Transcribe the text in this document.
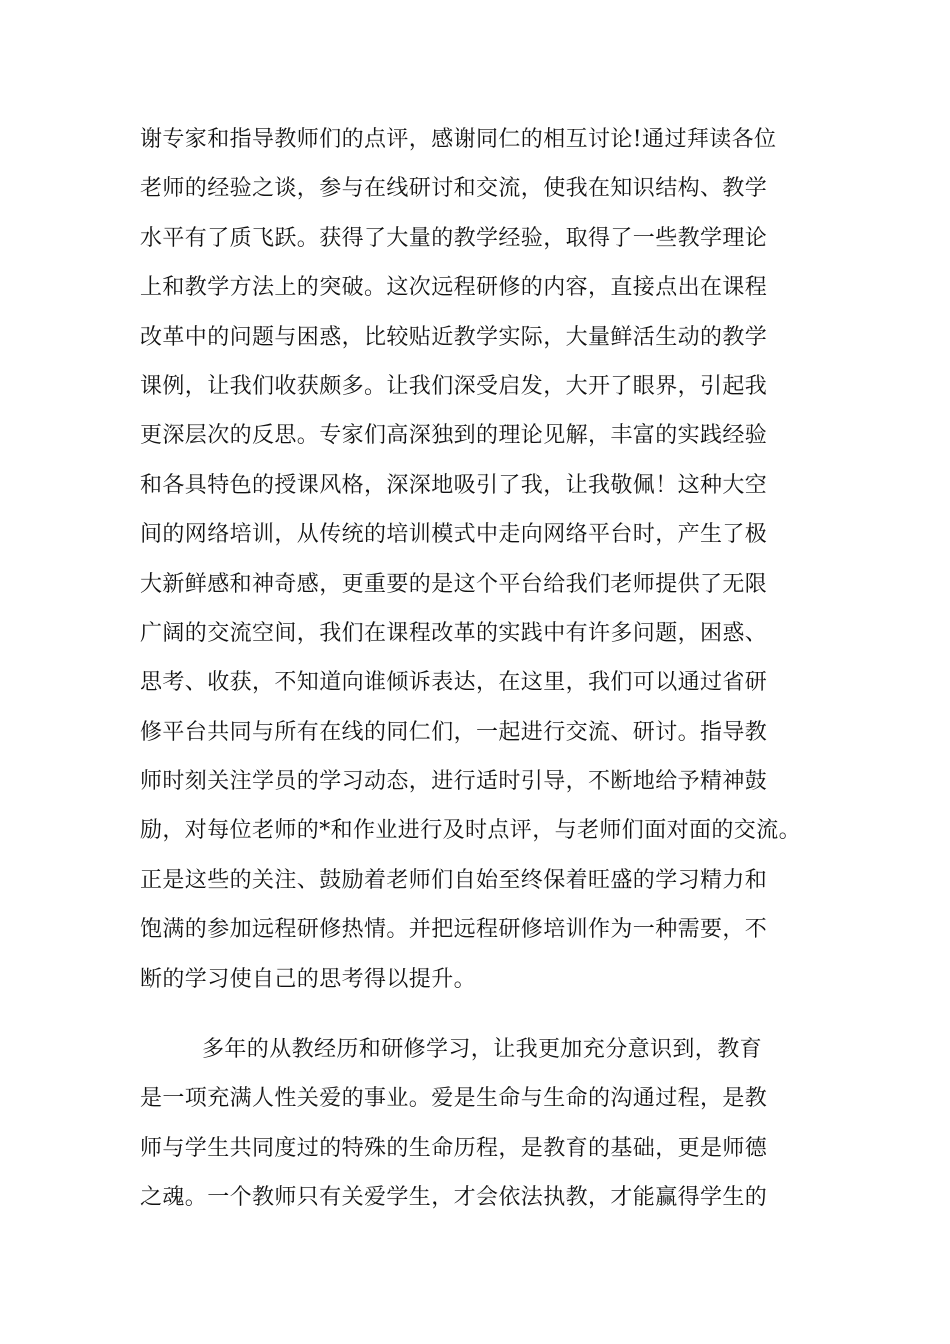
谢专家和指导教师们的点评，感谢同仁的相互讨论!通过拜读各位
老师的经验之谈，参与在线研讨和交流，使我在知识结构、教学
水平有了质飞跃。获得了大量的教学经验，取得了一些教学理论
上和教学方法上的突破。这次远程研修的内容，直接点出在课程
改革中的问题与困惑，比较贴近教学实际，大量鲜活生动的教学
课例，让我们收获颇多。让我们深受启发，大开了眼界，引起我
更深层次的反思。专家们高深独到的理论见解，丰富的实践经验
和各具特色的授课风格，深深地吸引了我，让我敬佩！这种大空
间的网络培训，从传统的培训模式中走向网络平台时，产生了极
大新鲜感和神奇感，更重要的是这个平台给我们老师提供了无限
广阔的交流空间，我们在课程改革的实践中有许多问题，困惑、
思考、收获，不知道向谁倾诉表达，在这里，我们可以通过省研
修平台共同与所有在线的同仁们，一起进行交流、研讨。指导教
师时刻关注学员的学习动态，进行适时引导，不断地给予精神鼓
励，对每位老师的*和作业进行及时点评，与老师们面对面的交流。
正是这些的关注、鼓励着老师们自始至终保着旺盛的学习精力和
饱满的参加远程研修热情。并把远程研修培训作为一种需要，不
断的学习使自己的思考得以提升。
多年的从教经历和研修学习，让我更加充分意识到，教育
是一项充满人性关爱的事业。爱是生命与生命的沟通过程，是教
师与学生共同度过的特殊的生命历程，是教育的基础，更是师德
之魂。一个教师只有关爱学生，才会依法执教，才能赢得学生的
